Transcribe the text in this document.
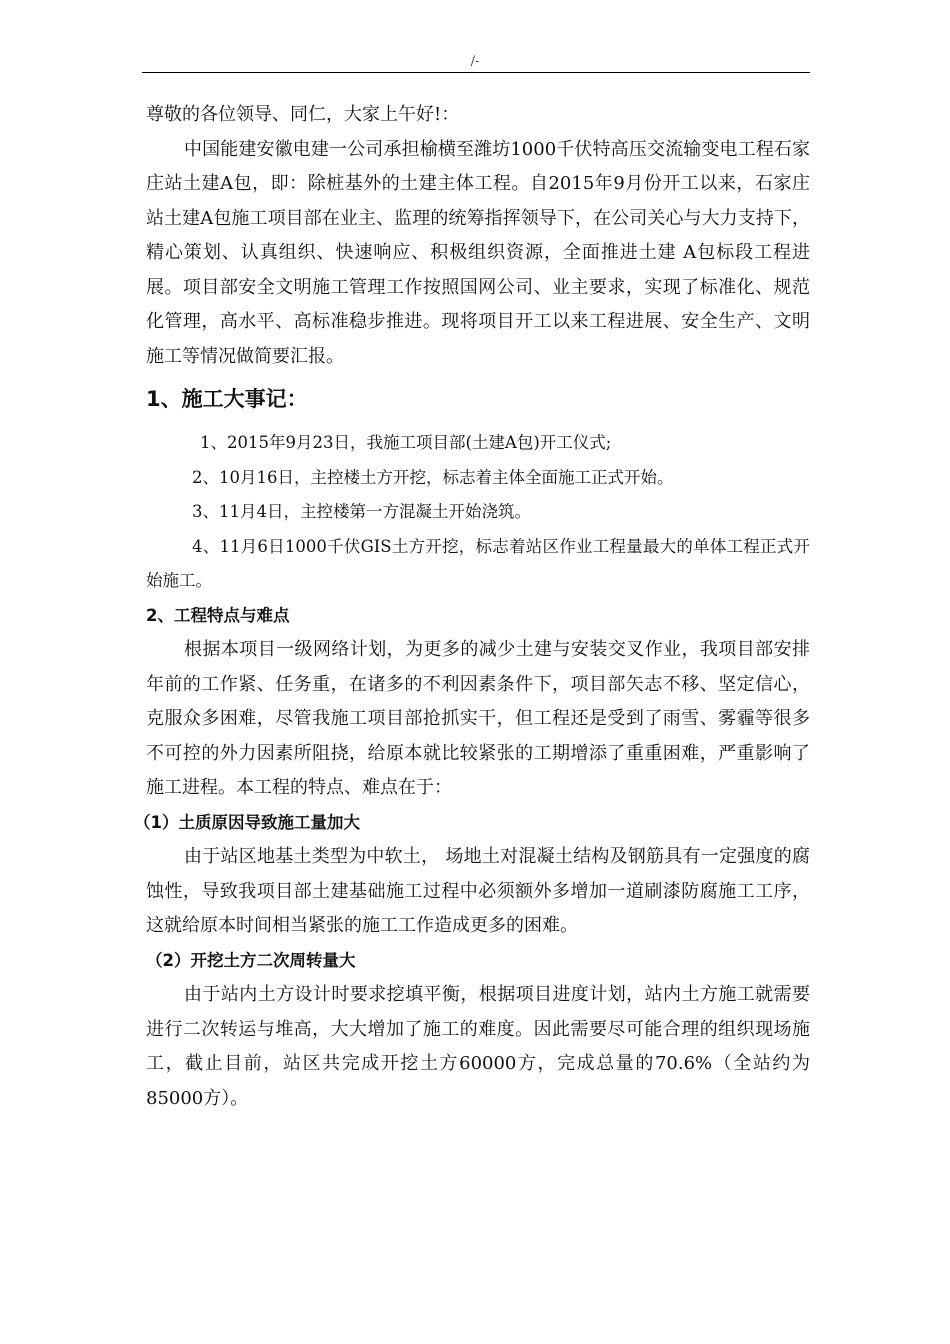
/-

尊敬的各位领导、同仁，大家上午好!：

中国能建安徽电建一公司承担榆横至潍坊1000千伏特高压交流输变电工程石家庄站土建A包，即：除桩基外的土建主体工程。自2015年9月份开工以来，石家庄站土建A包施工项目部在业主、监理的统筹指挥领导下，在公司关心与大力支持下，精心策划、认真组织、快速响应、积极组织资源，全面推进土建 A包标段工程进展。项目部安全文明施工管理工作按照国网公司、业主要求，实现了标准化、规范化管理，高水平、高标准稳步推进。现将项目开工以来工程进展、安全生产、文明施工等情况做简要汇报。

1、施工大事记：

1、2015年9月23日，我施工项目部(土建A包)开工仪式;

2、10月16日，主控楼土方开挖，标志着主体全面施工正式开始。

3、11月4日，主控楼第一方混凝土开始浇筑。

4、11月6日1000千伏GIS土方开挖，标志着站区作业工程量最大的单体工程正式开始施工。

2、工程特点与难点

根据本项目一级网络计划，为更多的减少土建与安装交叉作业，我项目部安排年前的工作紧、任务重，在诸多的不利因素条件下，项目部矢志不移、坚定信心，克服众多困难，尽管我施工项目部抢抓实干，但工程还是受到了雨雪、雾霾等很多不可控的外力因素所阻挠，给原本就比较紧张的工期增添了重重困难，严重影响了施工进程。本工程的特点、难点在于：

（1）土质原因导致施工量加大

由于站区地基土类型为中软土， 场地土对混凝土结构及钢筋具有一定强度的腐蚀性，导致我项目部土建基础施工过程中必须额外多增加一道刷漆防腐施工工序，这就给原本时间相当紧张的施工工作造成更多的困难。

（2）开挖土方二次周转量大

由于站内土方设计时要求挖填平衡，根据项目进度计划，站内土方施工就需要进行二次转运与堆高，大大增加了施工的难度。因此需要尽可能合理的组织现场施工，截止目前，站区共完成开挖土方60000方，完成总量的70.6%（全站约为85000方）。
